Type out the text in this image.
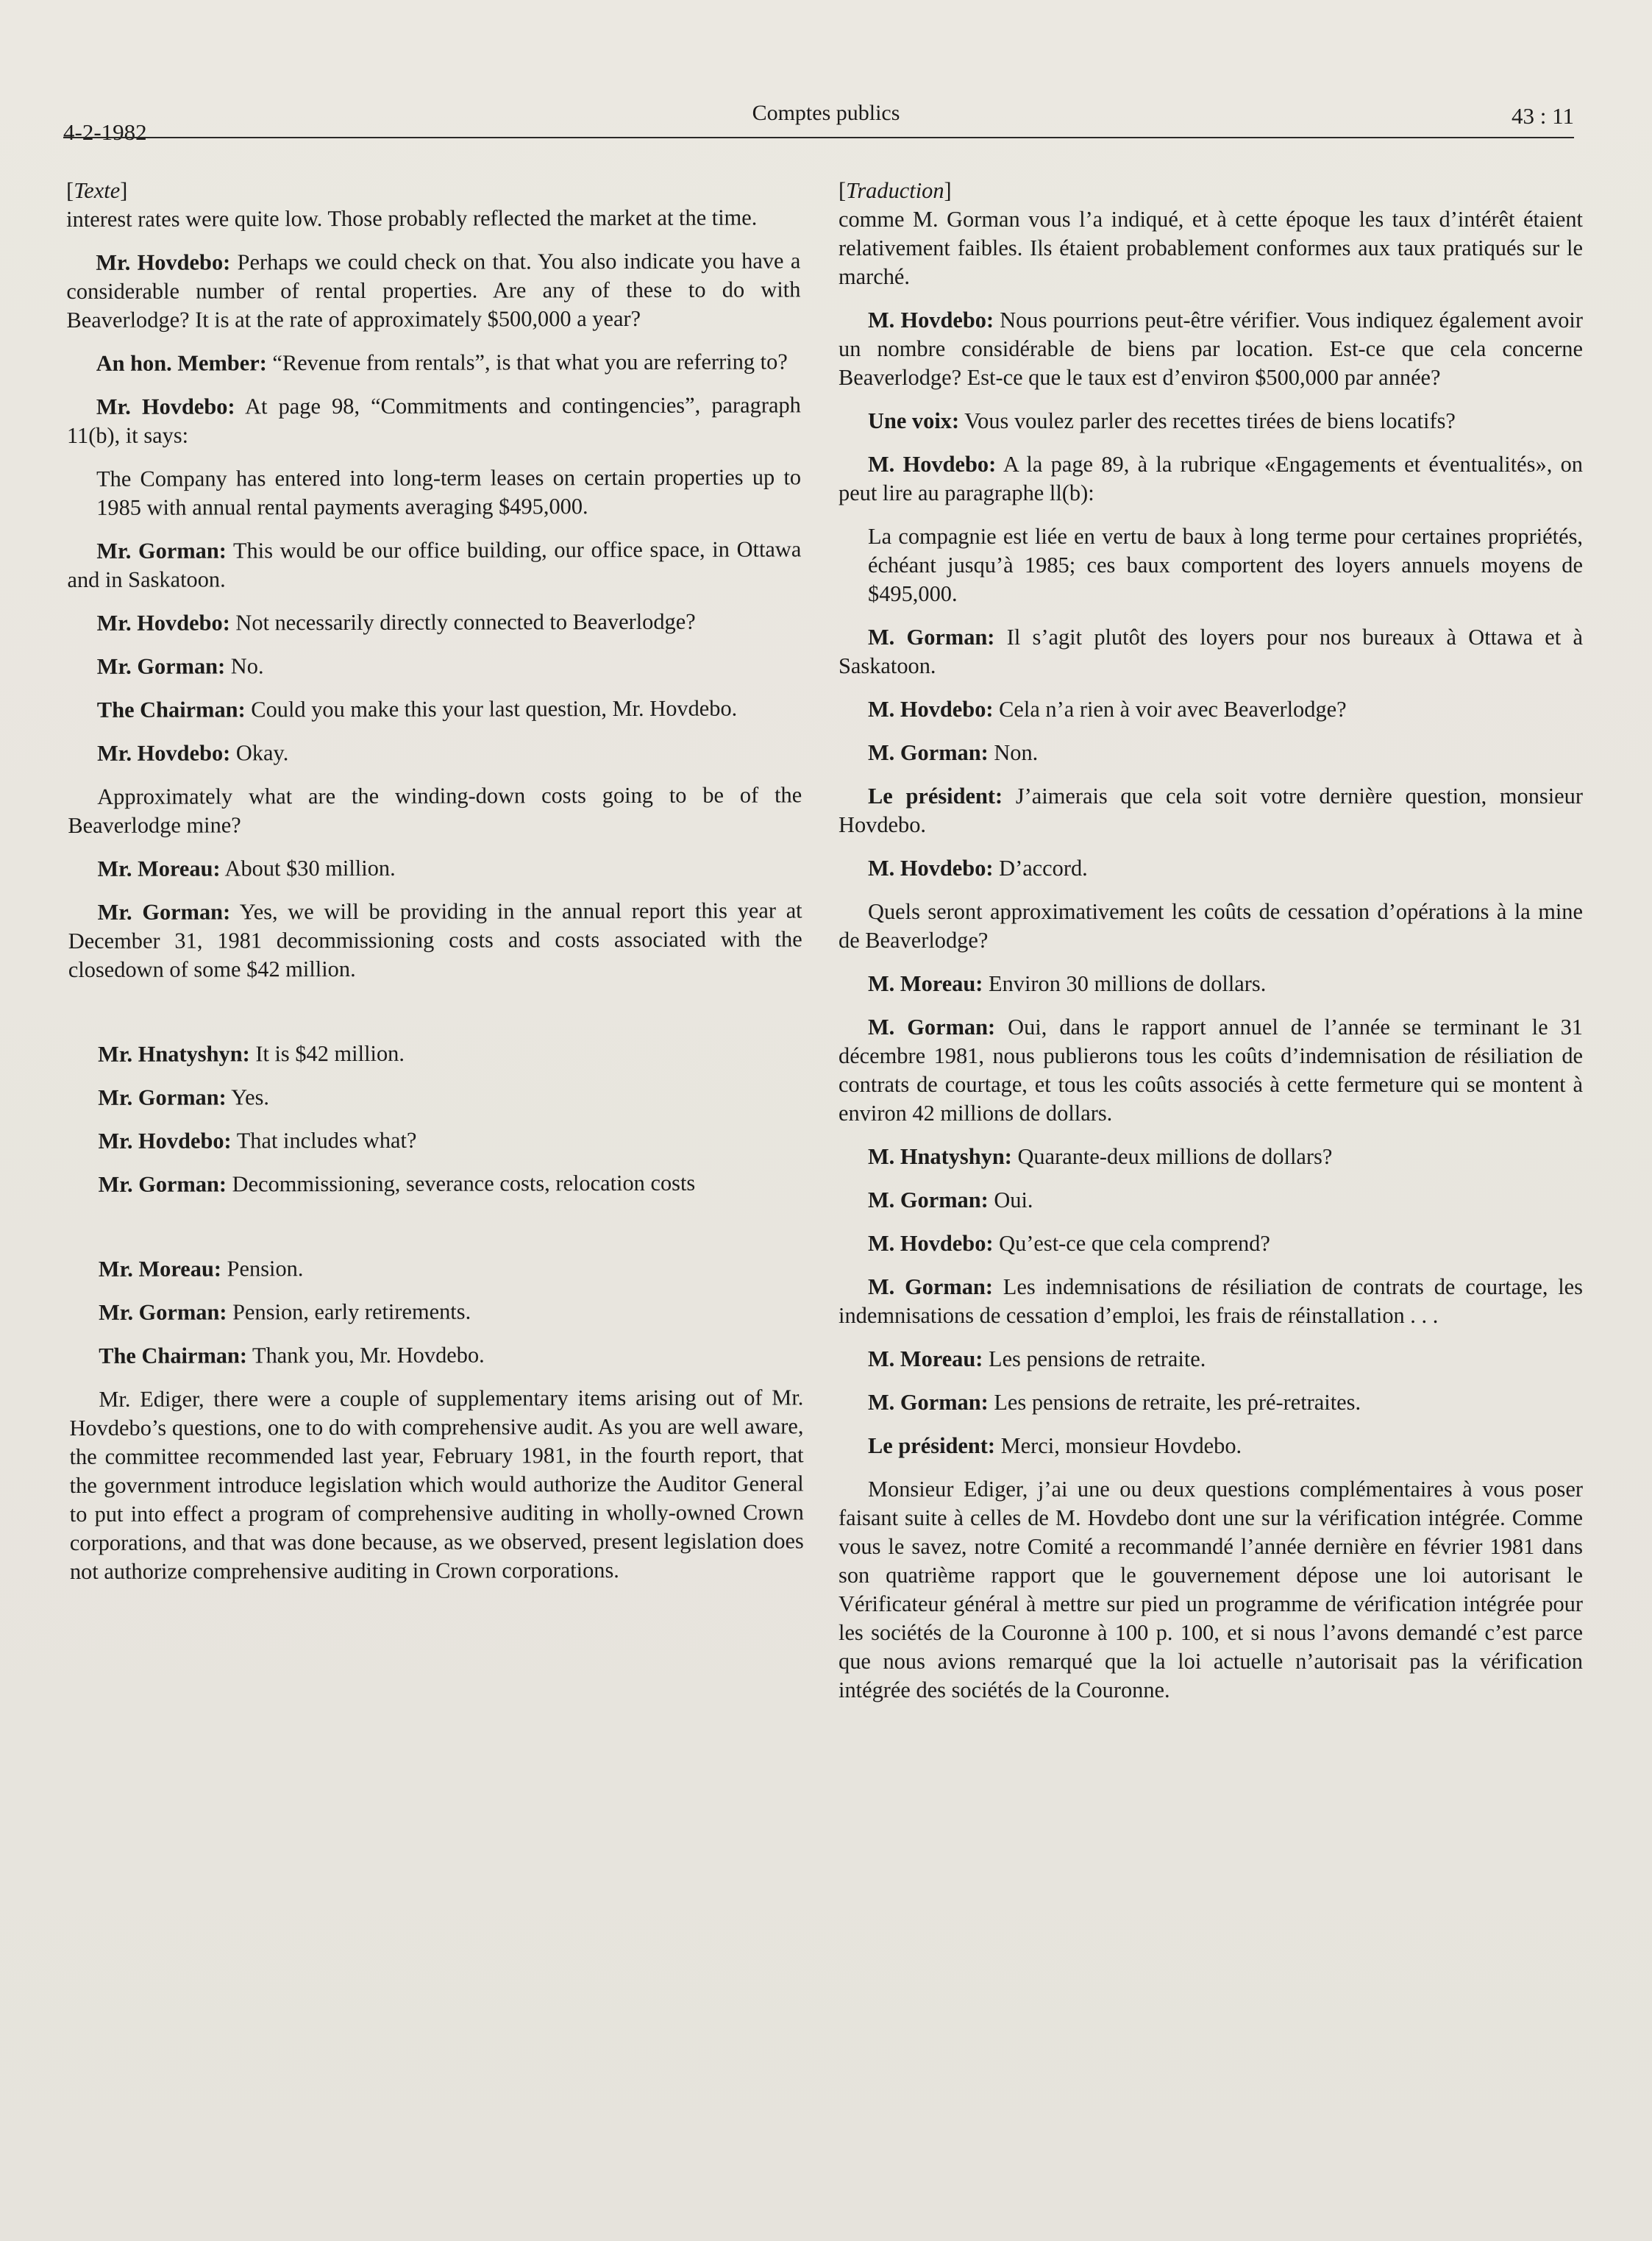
4-2-1982
Comptes publics	43 : 11
[Texte]

interest rates were quite low. Those probably reflected the market at the time.

Mr. Hovdebo: Perhaps we could check on that. You also indicate you have a considerable number of rental properties. Are any of these to do with Beaverlodge? It is at the rate of approximately $500,000 a year?

An hon. Member: “Revenue from rentals”, is that what you are referring to?

Mr. Hovdebo: At page 98, “Commitments and contingencies”, paragraph 11(b), it says:

The Company has entered into long-term leases on certain properties up to 1985 with annual rental payments averaging $495,000.

Mr. Gorman: This would be our office building, our office space, in Ottawa and in Saskatoon.

Mr. Hovdebo: Not necessarily directly connected to Beaverlodge?

Mr. Gorman: No.

The Chairman: Could you make this your last question, Mr. Hovdebo.

Mr. Hovdebo: Okay.

Approximately what are the winding-down costs going to be of the Beaverlodge mine?

Mr. Moreau: About $30 million.

Mr. Gorman: Yes, we will be providing in the annual report this year at December 31, 1981 decommissioning costs and costs associated with the closedown of some $42 million.

Mr. Hnatyshyn: It is $42 million.

Mr. Gorman: Yes.

Mr. Hovdebo: That includes what?

Mr. Gorman: Decommissioning, severance costs, relocation costs

Mr. Moreau: Pension.

Mr. Gorman: Pension, early retirements.

The Chairman: Thank you, Mr. Hovdebo.

Mr. Ediger, there were a couple of supplementary items arising out of Mr. Hovdebo’s questions, one to do with comprehensive audit. As you are well aware, the committee recommended last year, February 1981, in the fourth report, that the government introduce legislation which would authorize the Auditor General to put into effect a program of comprehensive auditing in wholly-owned Crown corporations, and that was done because, as we observed, present legislation does not authorize comprehensive auditing in Crown corporations.

[Traduction]

comme M. Gorman vous l’a indiqué, et à cette époque les taux d’intérêt étaient relativement faibles. Ils étaient probablement conformes aux taux pratiqués sur le marché.

M. Hovdebo: Nous pourrions peut-être vérifier. Vous indiquez également avoir un nombre considérable de biens par location. Est-ce que cela concerne Beaverlodge? Est-ce que le taux est d’environ $500,000 par année?

Une voix: Vous voulez parler des recettes tirées de biens locatifs?

M. Hovdebo: A la page 89, à la rubrique «Engagements et éventualités», on peut lire au paragraphe ll(b):

La compagnie est liée en vertu de baux à long terme pour certaines propriétés, échéant jusqu’à 1985; ces baux comportent des loyers annuels moyens de $495,000.

M. Gorman: Il s’agit plutôt des loyers pour nos bureaux à Ottawa et à Saskatoon.

M. Hovdebo: Cela n’a rien à voir avec Beaverlodge?

M. Gorman: Non.

Le président: J’aimerais que cela soit votre dernière question, monsieur Hovdebo.

M. Hovdebo: D’accord.

Quels seront approximativement les coûts de cessation d’opérations à la mine de Beaverlodge?

M. Moreau: Environ 30 millions de dollars.

M. Gorman: Oui, dans le rapport annuel de l’année se terminant le 31 décembre 1981, nous publierons tous les coûts d’indemnisation de résiliation de contrats de courtage, et tous les coûts associés à cette fermeture qui se montent à environ 42 millions de dollars.

M. Hnatyshyn: Quarante-deux millions de dollars?

M. Gorman: Oui.

M. Hovdebo: Qu’est-ce que cela comprend?

M. Gorman: Les indemnisations de résiliation de contrats de courtage, les indemnisations de cessation d’emploi, les frais de réinstallation . . .

M. Moreau: Les pensions de retraite.

M. Gorman: Les pensions de retraite, les pré-retraites.

Le président: Merci, monsieur Hovdebo.

Monsieur Ediger, j’ai une ou deux questions complémentaires à vous poser faisant suite à celles de M. Hovdebo dont une sur la vérification intégrée. Comme vous le savez, notre Comité a recommandé l’année dernière en février 1981 dans son quatrième rapport que le gouvernement dépose une loi autorisant le Vérificateur général à mettre sur pied un programme de vérification intégrée pour les sociétés de la Couronne à 100 p. 100, et si nous l’avons demandé c’est parce que nous avions remarqué que la loi actuelle n’autorisait pas la vérification intégrée des sociétés de la Couronne.
